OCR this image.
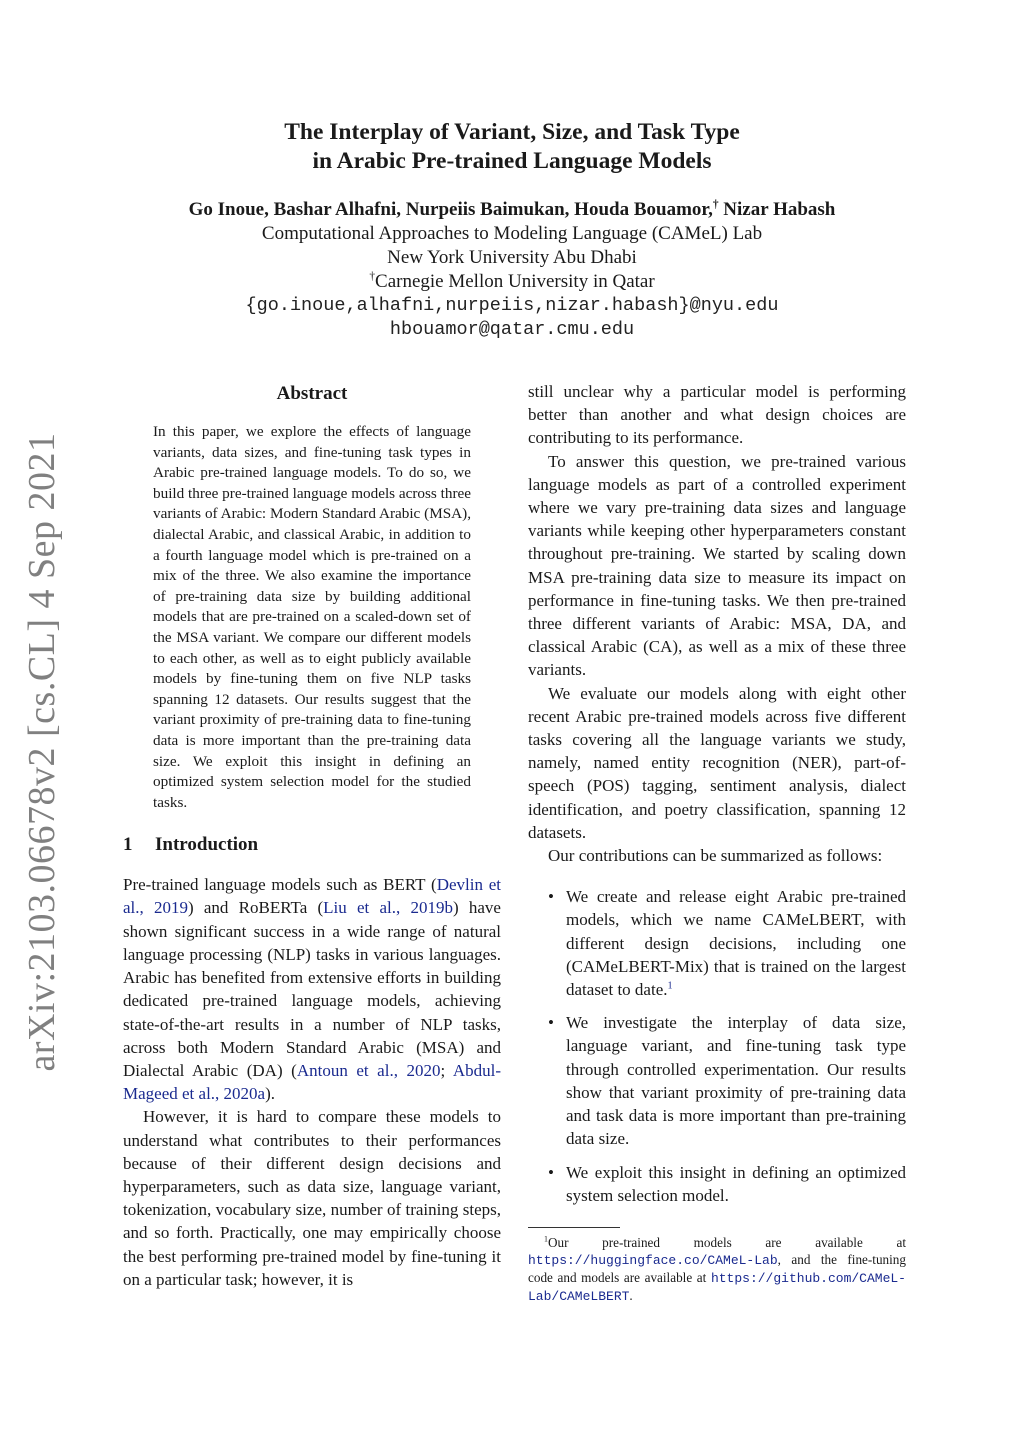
arXiv:2103.06678v2 [cs.CL] 4 Sep 2021

The Interplay of Variant, Size, and Task Type

in Arabic Pre-trained Language Models

Go Inoue, Bashar Alhafni, Nurpeiis Baimukan, Houda Bouamor,† Nizar Habash
Computational Approaches to Modeling Language (CAMeL) Lab
New York University Abu Dhabi
†Carnegie Mellon University in Qatar
{go.inoue,alhafni,nurpeiis,nizar.habash}@nyu.edu
hbouamor@qatar.cmu.edu
Abstract

In this paper, we explore the effects of language variants, data sizes, and fine-tuning task types in Arabic pre-trained language models. To do so, we build three pre-trained language models across three variants of Arabic: Modern Standard Arabic (MSA), dialectal Arabic, and classical Arabic, in addition to a fourth language model which is pre-trained on a mix of the three. We also examine the importance of pre-training data size by building additional models that are pre-trained on a scaled-down set of the MSA variant. We compare our different models to each other, as well as to eight publicly available models by fine-tuning them on five NLP tasks spanning 12 datasets. Our results suggest that the variant proximity of pre-training data to fine-tuning data is more important than the pre-training data size. We exploit this insight in defining an optimized system selection model for the studied tasks.

1 Introduction

Pre-trained language models such as BERT (Devlin et al., 2019) and RoBERTa (Liu et al., 2019b) have shown significant success in a wide range of natural language processing (NLP) tasks in various languages. Arabic has benefited from extensive efforts in building dedicated pre-trained language models, achieving state-of-the-art results in a number of NLP tasks, across both Modern Standard Arabic (MSA) and Dialectal Arabic (DA) (Antoun et al., 2020; Abdul-Mageed et al., 2020a).

However, it is hard to compare these models to understand what contributes to their performances because of their different design decisions and hyperparameters, such as data size, language variant, tokenization, vocabulary size, number of training steps, and so forth. Practically, one may empirically choose the best performing pre-trained model by fine-tuning it on a particular task; however, it is

still unclear why a particular model is performing better than another and what design choices are contributing to its performance.

To answer this question, we pre-trained various language models as part of a controlled experiment where we vary pre-training data sizes and language variants while keeping other hyperparameters constant throughout pre-training. We started by scaling down MSA pre-training data size to measure its impact on performance in fine-tuning tasks. We then pre-trained three different variants of Arabic: MSA, DA, and classical Arabic (CA), as well as a mix of these three variants.

We evaluate our models along with eight other recent Arabic pre-trained models across five different tasks covering all the language variants we study, namely, named entity recognition (NER), part-of-speech (POS) tagging, sentiment analysis, dialect identification, and poetry classification, spanning 12 datasets.

Our contributions can be summarized as follows:

• We create and release eight Arabic pre-trained models, which we name CAMeLBERT, with different design decisions, including one (CAMeLBERT-Mix) that is trained on the largest dataset to date.$^1$
• We investigate the interplay of data size, language variant, and fine-tuning task type through controlled experimentation. Our results show that variant proximity of pre-training data and task data is more important than pre-training data size.
• We exploit this insight in defining an optimized system selection model.

$^1$Our pre-trained models are available at https://huggingface.co/CAMeL-Lab, and the fine-tuning code and models are available at https://github.com/CAMeL-Lab/CAMeLBERT.
